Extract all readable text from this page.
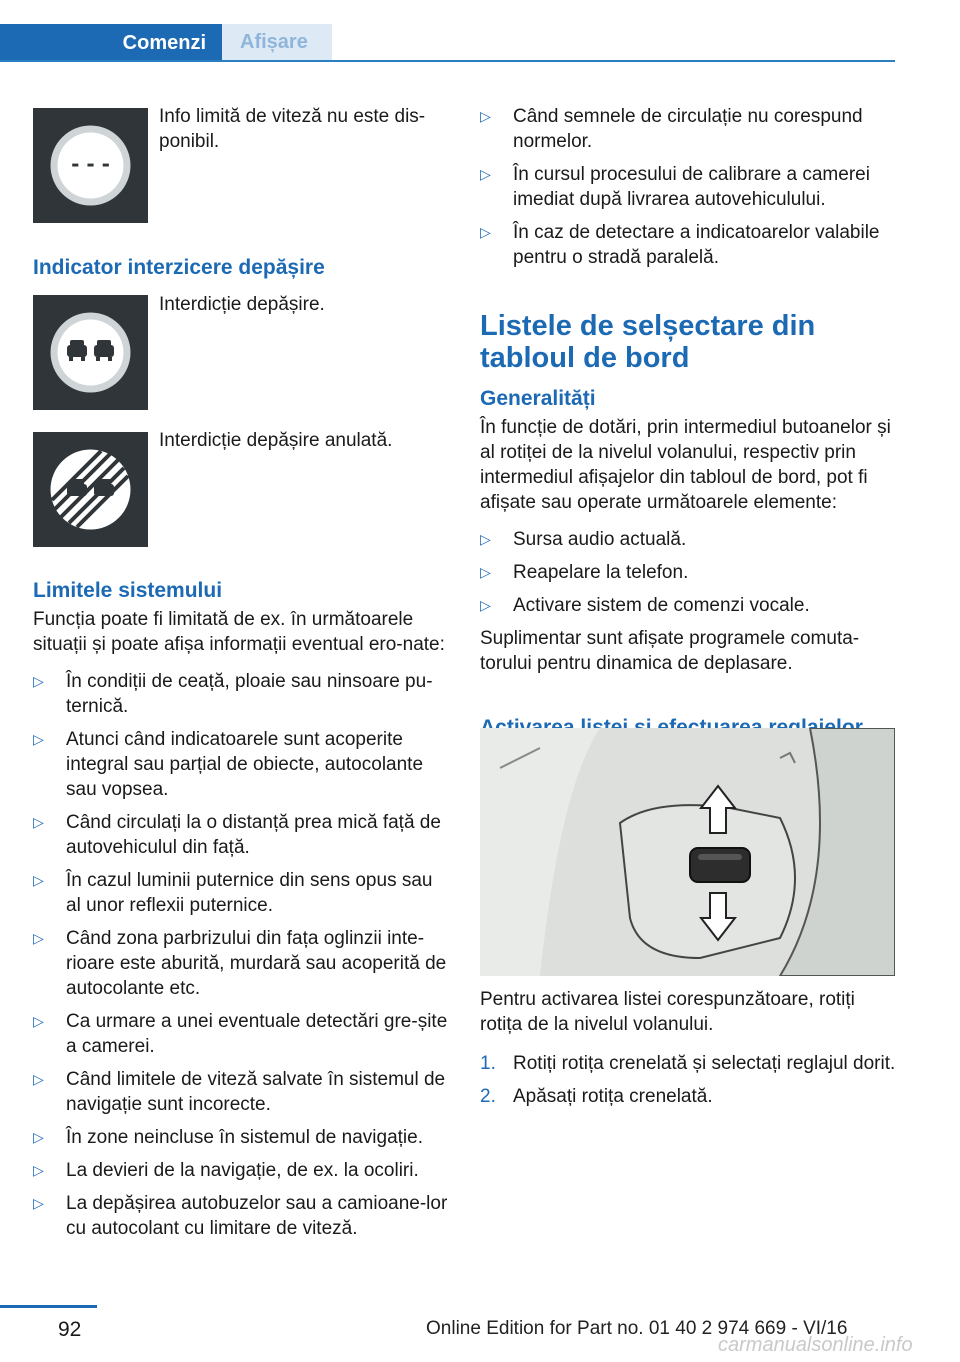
Comenzi	Afișare
- - -
Info limită de viteză nu este dis-ponibil.
Indicator interzicere depășire
Interdicție depășire.
Interdicție depășire anulată.
Limitele sistemului

Funcția poate fi limitată de ex. în următoarele situații și poate afișa informații eventual ero-nate:

▷ În condiții de ceață, ploaie sau ninsoare pu-ternică.
▷ Atunci când indicatoarele sunt acoperite integral sau parțial de obiecte, autocolante sau vopsea.
▷ Când circulați la o distanță prea mică față de autovehiculul din față.
▷ În cazul luminii puternice din sens opus sau al unor reflexii puternice.
▷ Când zona parbrizului din fața oglinzii inte-rioare este aburită, murdară sau acoperită de autocolante etc.
▷ Ca urmare a unei eventuale detectări gre-șite a camerei.
▷ Când limitele de viteză salvate în sistemul de navigație sunt incorecte.
▷ În zone neincluse în sistemul de navigație.
▷ La devieri de la navigație, de ex. la ocoliri.
▷ La depășirea autobuzelor sau a camioane-lor cu autocolant cu limitare de viteză.
▷ Când semnele de circulație nu corespund normelor.
▷ În cursul procesului de calibrare a camerei imediat după livrarea autovehiculului.
▷ În caz de detectare a indicatoarelor valabile pentru o stradă paralelă.
Listele de selșectare din tabloul de bord
Generalități

În funcție de dotări, prin intermediul butoanelor și al rotiței de la nivelul volanului, respectiv prin intermediul afișajelor din tabloul de bord, pot fi afișate sau operate următoarele elemente:

▷ Sursa audio actuală.
▷ Reapelare la telefon.
▷ Activare sistem de comenzi vocale.

Suplimentar sunt afișate programele comuta-torului pentru dinamica de deplasare.

Pentru activarea listei corespunzătoare, rotiți rotița de la nivelul volanului.

1. Rotiți rotița crenelată și selectați reglajul dorit.
2. Apăsați rotița crenelată.
92	Online Edition for Part no. 01 40 2 974 669 - VI/16
carmanualsonline.info
